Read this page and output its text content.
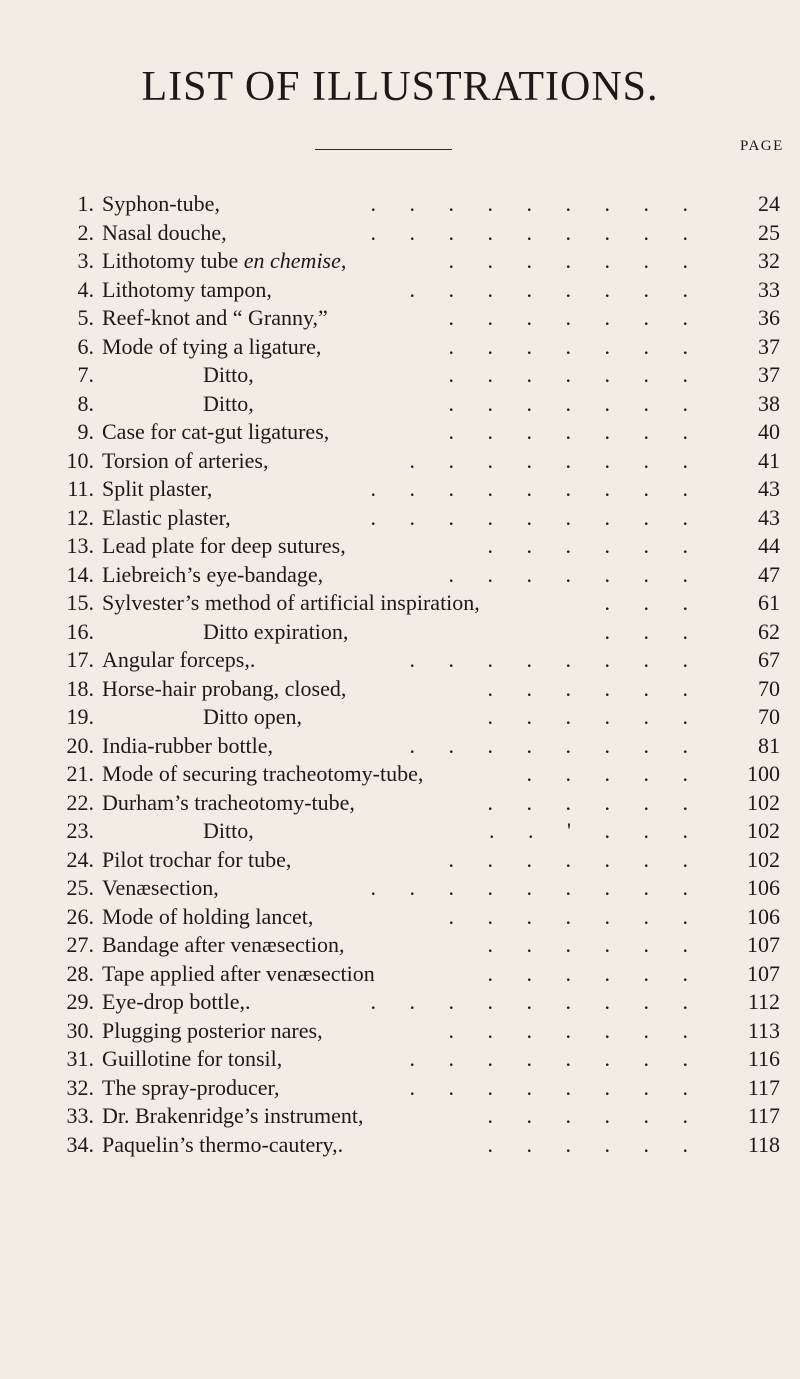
LIST OF ILLUSTRATIONS.
PAGE
1. Syphon-tube,	. . . . . . . . .	24
2. Nasal douche,	. . . . . . . . .	25
3. Lithotomy tube en chemise,	. . . . . . .	32
4. Lithotomy tampon,	. . . . . . . .	33
5. Reef-knot and “ Granny,”	. . . . . . .	36
6. Mode of tying a ligature,	. . . . . . .	37
7.	Ditto,	. . . . . . .	37
8.	Ditto,	. . . . . . .	38
9. Case for cat-gut ligatures,	. . . . . . .	40
10. Torsion of arteries,	. . . . . . . .	41
11. Split plaster,	. . . . . . . . .	43
12. Elastic plaster,	. . . . . . . . .	43
13. Lead plate for deep sutures,	. . . . . .	44
14. Liebreich’s eye-bandage,	. . . . . . .	47
15. Sylvester’s method of artificial inspiration,	. . .	61
16.	Ditto expiration,	. . .	62
17. Angular forceps,.	. . . . . . . .	67
18. Horse-hair probang, closed,	. . . . . .	70
19.	Ditto open,	. . . . . .	70
20. India-rubber bottle,	. . . . . . . .	81
21. Mode of securing tracheotomy-tube,	. . . . .	100
22. Durham’s tracheotomy-tube,	. . . . . .	102
23.	Ditto,	. . ' . . .	102
24. Pilot trochar for tube,	. . . . . . .	102
25. Venæsection,	. . . . . . . . .	106
26. Mode of holding lancet,	. . . . . . .	106
27. Bandage after venæsection,	. . . . . .	107
28. Tape applied after venæsection	. . . . . .	107
29. Eye-drop bottle,.	. . . . . . . . .	112
30. Plugging posterior nares,	. . . . . . .	113
31. Guillotine for tonsil,	. . . . . . . .	116
32. The spray-producer,	. . . . . . . .	117
33. Dr. Brakenridge’s instrument,	. . . . . .	117
34. Paquelin’s thermo-cautery,.	. . . . . .	118
